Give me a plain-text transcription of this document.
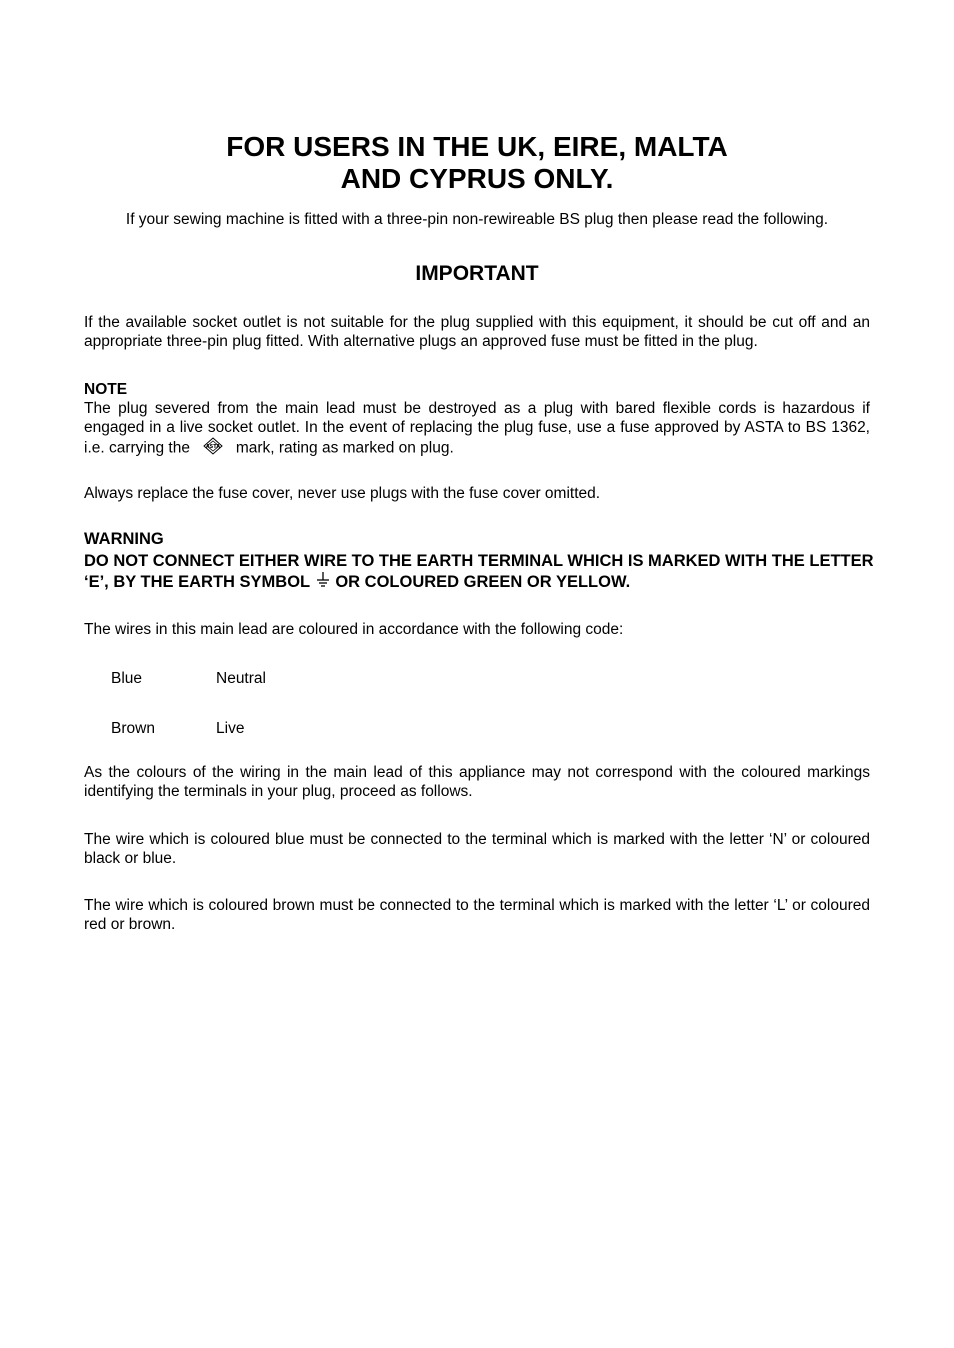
FOR USERS IN THE UK, EIRE, MALTA
AND CYPRUS ONLY.

If your sewing machine is fitted with a three-pin non-rewireable BS plug then please read the following.

IMPORTANT

If the available socket outlet is not suitable for the plug supplied with this equipment, it should be cut off and an appropriate three-pin plug fitted. With alternative plugs an approved fuse must be fitted in the plug.

NOTE

The plug severed from the main lead must be destroyed as a plug with bared flexible cords is hazardous if engaged in a live socket outlet. In the event of replacing the plug fuse, use a fuse approved by ASTA to BS 1362, i.e. carrying the	ASTA mark, rating as marked on plug.

Always replace the fuse cover, never use plugs with the fuse cover omitted.

WARNING

DO NOT CONNECT EITHER WIRE TO THE EARTH TERMINAL WHICH IS MARKED WITH THE LETTER ‘E’, BY THE EARTH SYMBOL OR COLOURED GREEN OR YELLOW.

The wires in this main lead are coloured in accordance with the following code:

Blue	Neutral
Brown	Live

As the colours of the wiring in the main lead of this appliance may not correspond with the coloured markings identifying the terminals in your plug, proceed as follows.

The wire which is coloured blue must be connected to the terminal which is marked with the letter ‘N’ or coloured black or blue.

The wire which is coloured brown must be connected to the terminal which is marked with the letter ‘L’ or coloured red or brown.
